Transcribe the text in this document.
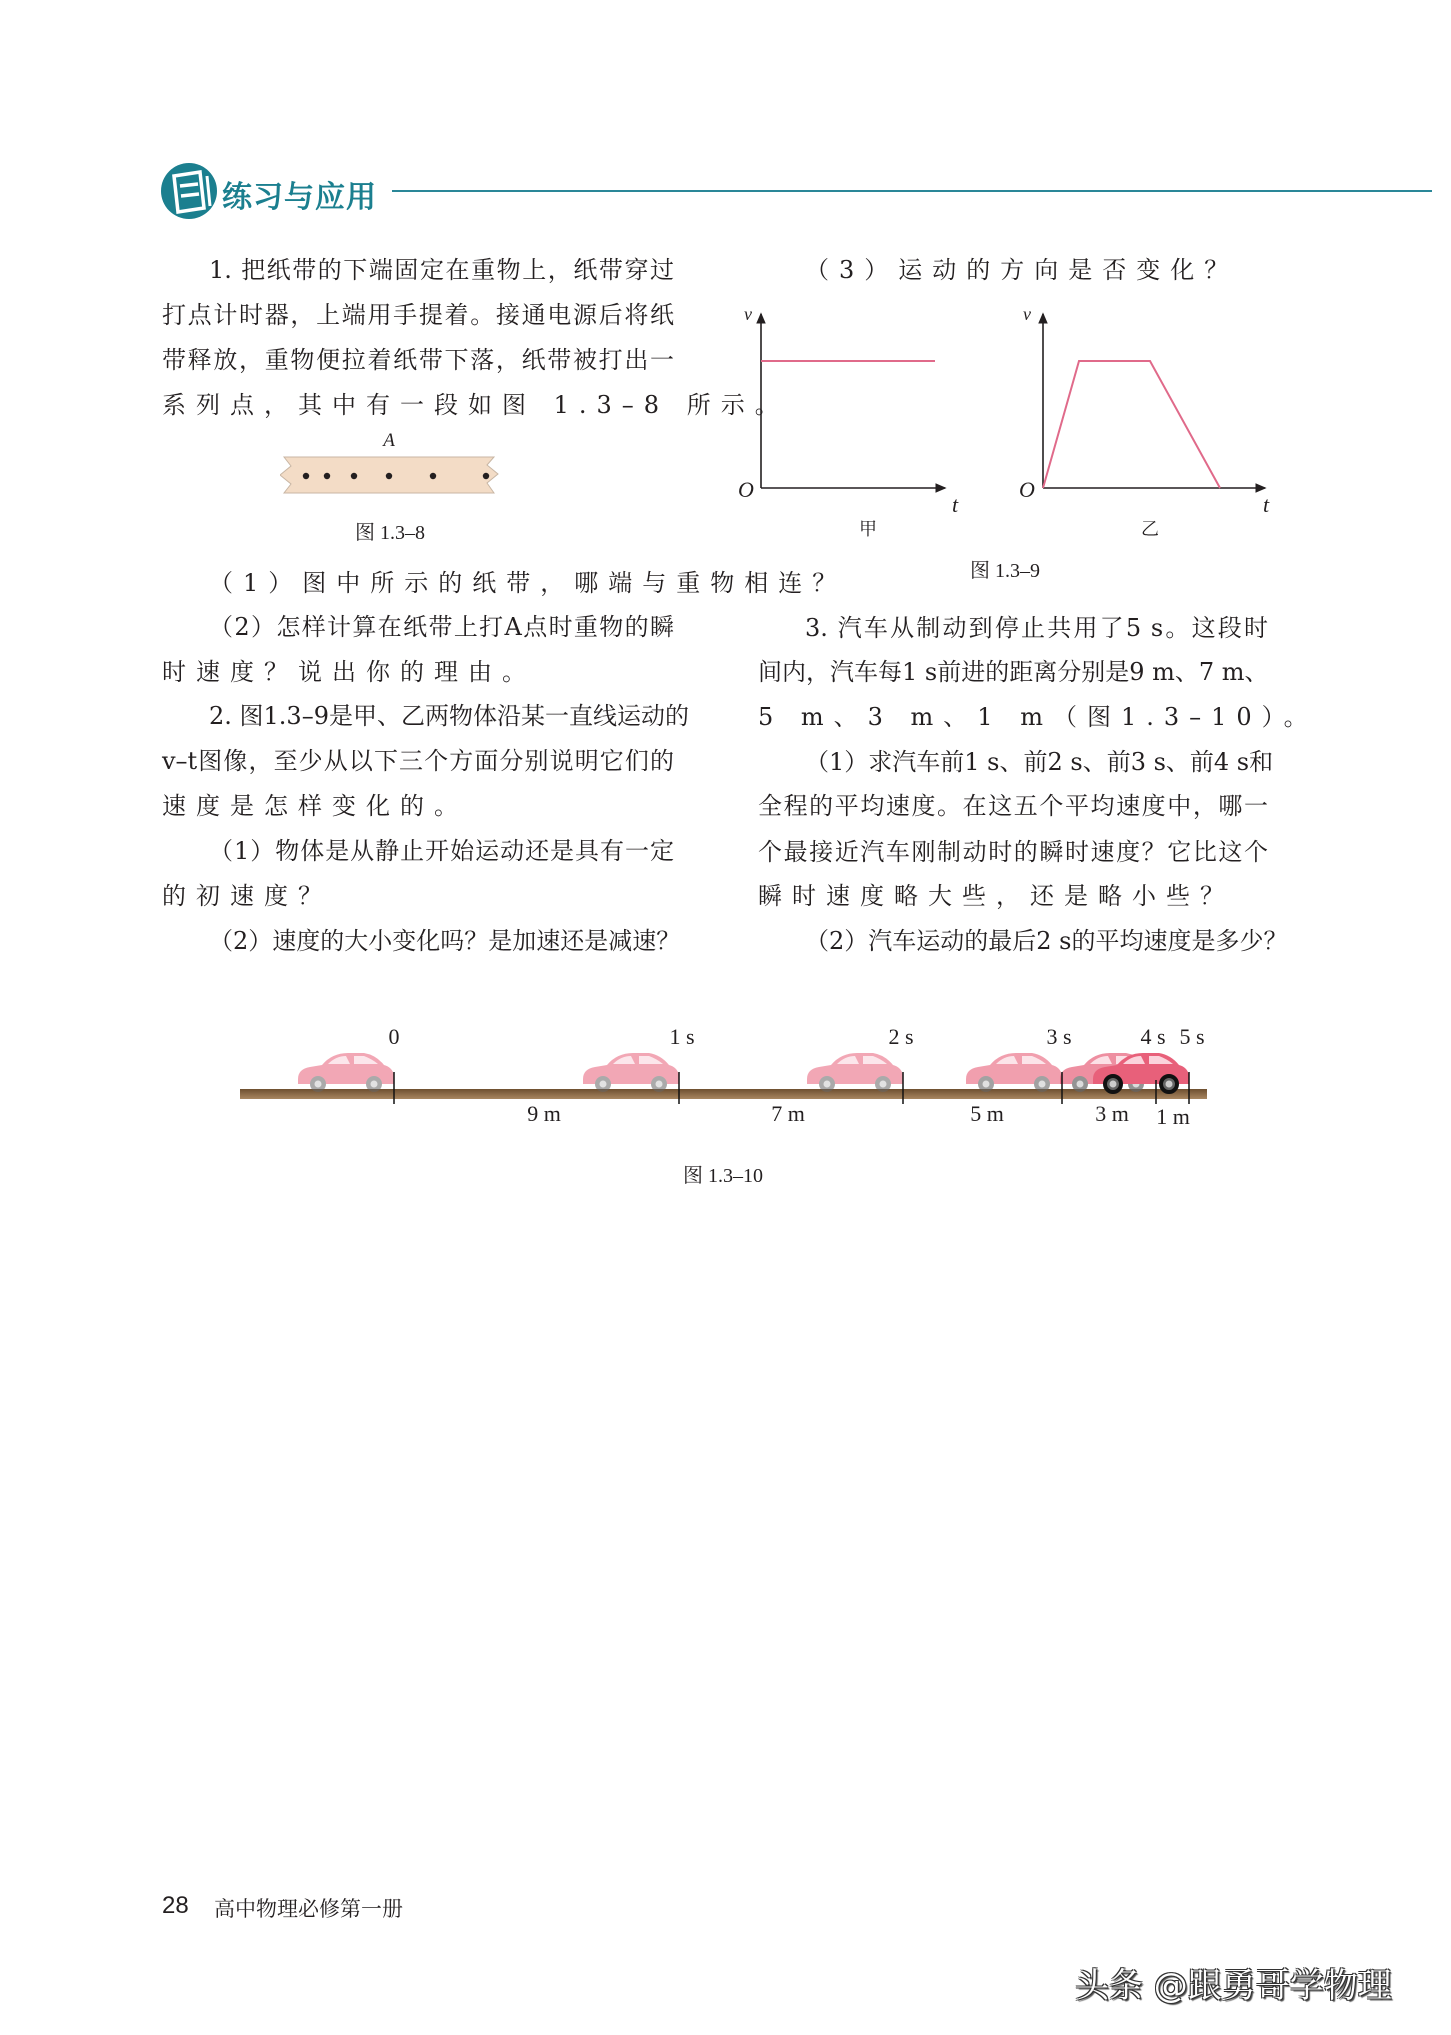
练习与应用
1. 把纸带的下端固定在重物上，纸带穿过
打点计时器，上端用手提着。接通电源后将纸
带释放，重物便拉着纸带下落，纸带被打出一
系列点，其中有一段如图 1.3–8 所示。
（1）图中所示的纸带，哪端与重物相连？
（2）怎样计算在纸带上打A点时重物的瞬
时速度？说出你的理由。
2. 图1.3–9是甲、乙两物体沿某一直线运动的
v–t图像，至少从以下三个方面分别说明它们的
速度是怎样变化的。
（1）物体是从静止开始运动还是具有一定
的初速度？
（2）速度的大小变化吗？是加速还是减速？
（3）运动的方向是否变化？
3. 汽车从制动到停止共用了5 s。这段时
间内，汽车每1 s前进的距离分别是9 m、7 m、
5 m、3 m、1 m（图1.3–10）。
（1）求汽车前1 s、前2 s、前3 s、前4 s和
全程的平均速度。在这五个平均速度中，哪一
个最接近汽车刚制动时的瞬时速度？它比这个
瞬时速度略大些，还是略小些？
（2）汽车运动的最后2 s的平均速度是多少？
A
图 1.3–8
v
O
t
甲
v
O
t
乙
图 1.3–9
0	1 s	2 s	3 s	4 s 5 s
9 m	7 m	5 m	3 m 1 m
图 1.3–10
28 高中物理必修第一册
头条 @跟勇哥学物理
